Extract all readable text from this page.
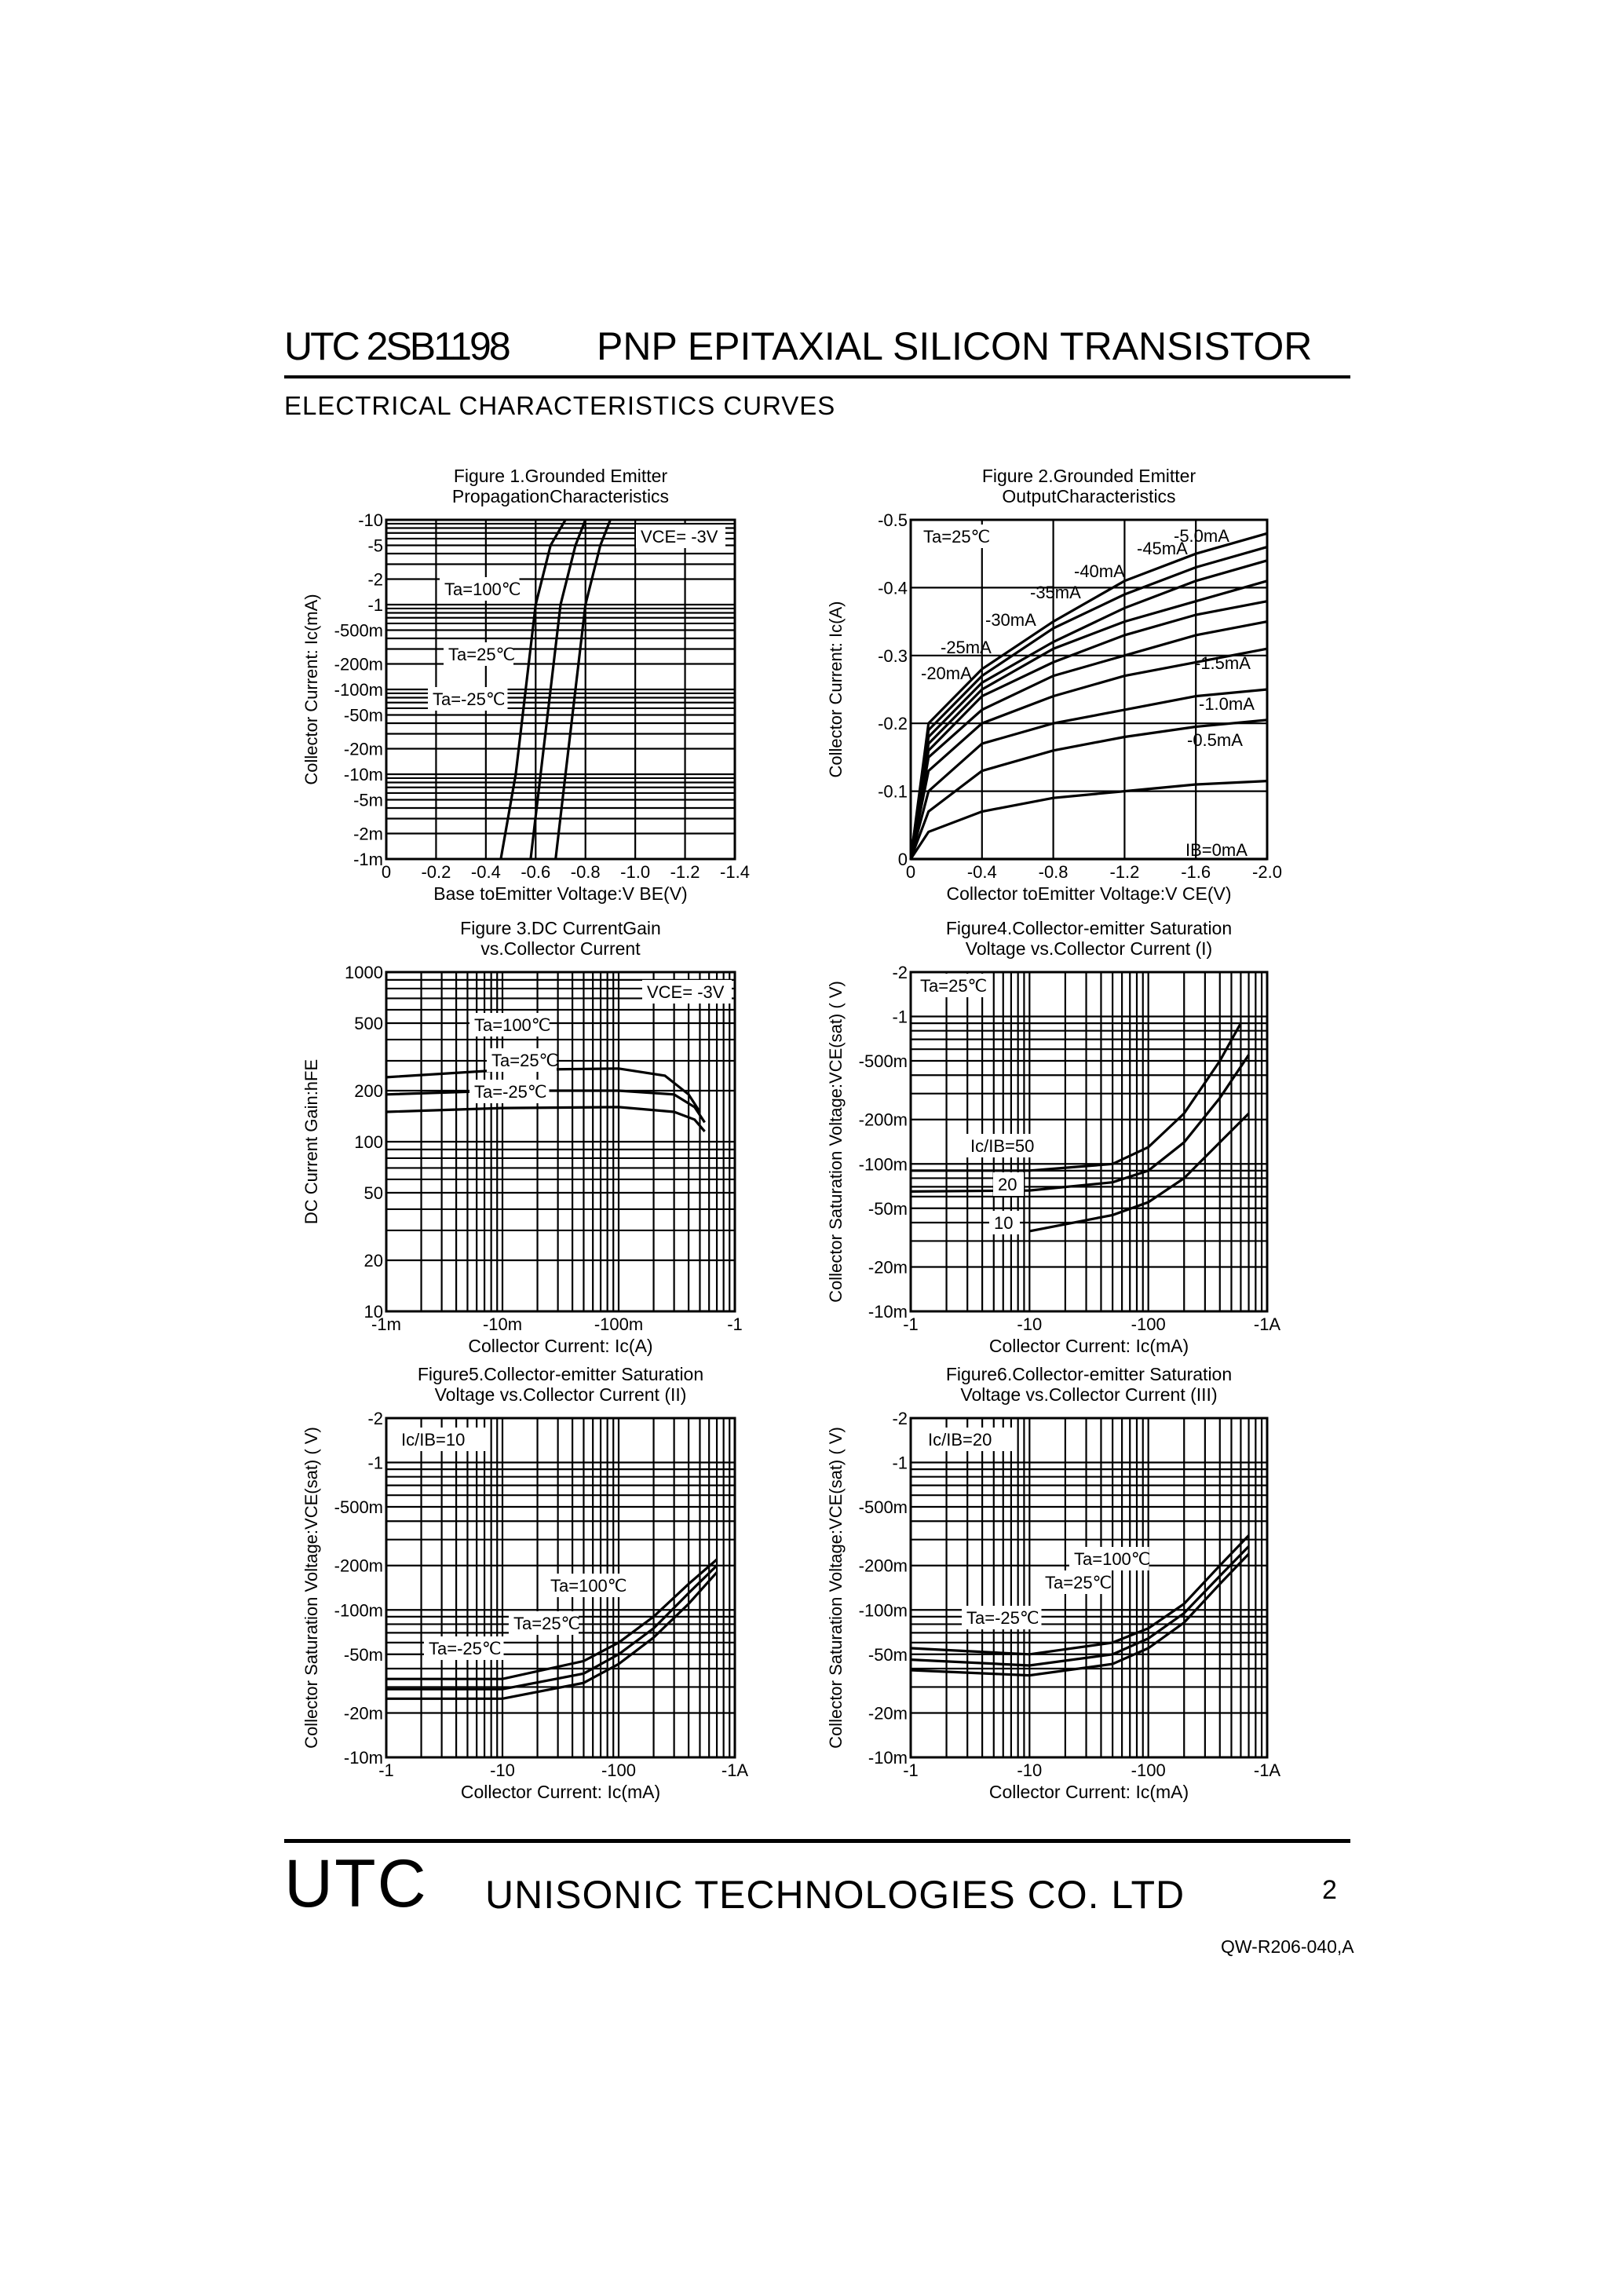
UTC 2SB1198 PNP EPITAXIAL SILICON TRANSISTOR
ELECTRICAL CHARACTERISTICS CURVES
Figure 1.Grounded Emitter
PropagationCharacteristics
0 -0.2 -0.4 -0.6 -0.8 -1.0 -1.2 -1.4
-10
-5
-2
-1
-500m
-200m
-100m
-50m
-20m
-10m
-5m
-2m
-1m
Base toEmitter Voltage:V BE(V)
Collector Current: Ic(mA)
VCE= -3V
Ta=100℃
Ta=25℃
Ta=-25℃
Figure 2.Grounded Emitter
OutputCharacteristics
0	-0.4 -0.8 -1.2 -1.6 -2.0
0
-0.1
-0.2
-0.3
-0.4
-0.5
Collector toEmitter Voltage:V CE(V)
Collector Current: Ic(A)
IB=0mA
-0.5mA
-1.0mA
-1.5mA
-20mA
-25mA
-30mA
-35mA
-40mA
-45mA
-5.0mA
Ta=25℃
Figure 3.DC CurrentGain
vs.Collector Current
-1m	-10m	-100m	-1
1000
500
200
100
50
20
10
Collector Current: Ic(A)
DC Current Gain:hFE
VCE= -3V
Ta=100℃
Ta=25℃
Ta=-25℃
Figure4.Collector-emitter Saturation
Voltage vs.Collector Current (I)
-1	-10	-100	-1A
-2
-1
-500m
-200m
-100m
-50m
-20m
-10m
Collector Current: Ic(mA)
Collector Saturation Voltage:VCE(sat) ( V)	Ta=25℃
Ic/IB=50
20
10
Figure5.Collector-emitter Saturation
Voltage vs.Collector Current (II)
-1	-10	-100	-1A
-2
-1
-500m
-200m
-100m
-50m
-20m
-10m
Collector Current: Ic(mA)
Collector Saturation Voltage:VCE(sat) ( V)	Ic/IB=10
Ta=100℃
Ta=25℃
Ta=-25℃
Figure6.Collector-emitter Saturation
Voltage vs.Collector Current (III)
-1	-10	-100	-1A
-2
-1
-500m
-200m
-100m
-50m
-20m
-10m
Collector Current: Ic(mA)
Collector Saturation Voltage:VCE(sat) ( V)	Ic/IB=20
Ta=100℃
Ta=25℃
Ta=-25℃
UTC UNISONIC TECHNOLOGIES CO. LTD	2
QW-R206-040,A
